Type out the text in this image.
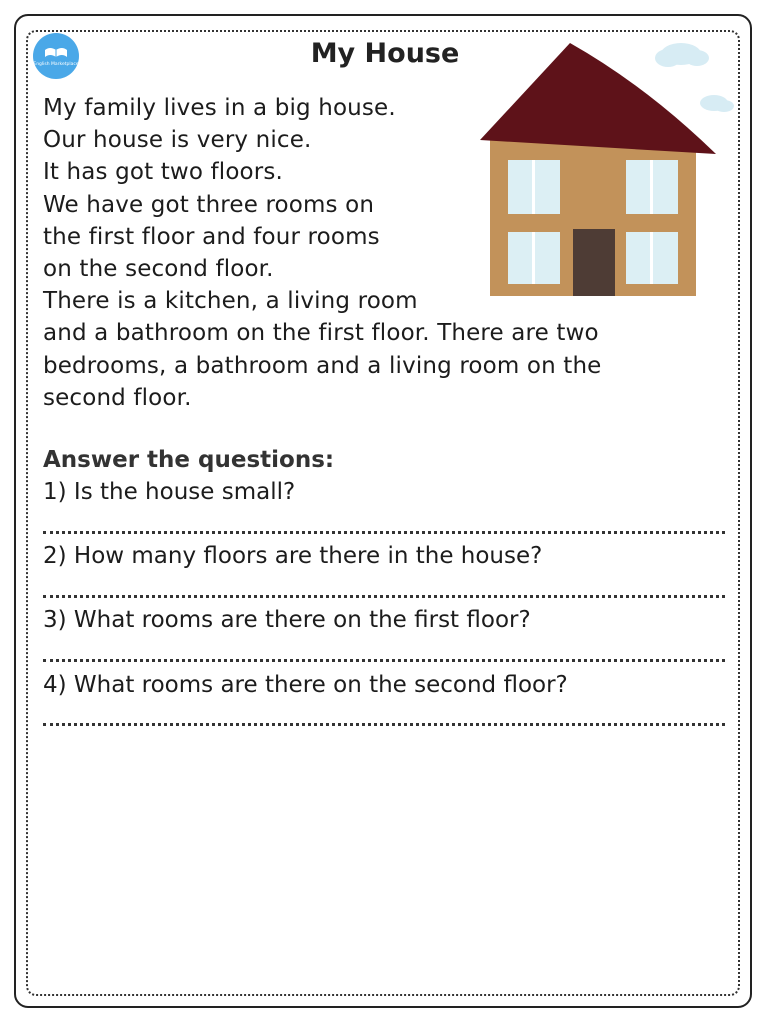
English Marketplace	My House
My family lives in a big house.
Our house is very nice.
It has got two floors.
We have got three rooms on
the first floor and four rooms
on the second floor.
There is a kitchen, a living room
and a bathroom on the first floor. There are two
bedrooms, a bathroom and a living room on the
second floor.
Answer the questions:
1) Is the house small?
2) How many floors are there in the house?
3) What rooms are there on the first floor?
4) What rooms are there on the second floor?
